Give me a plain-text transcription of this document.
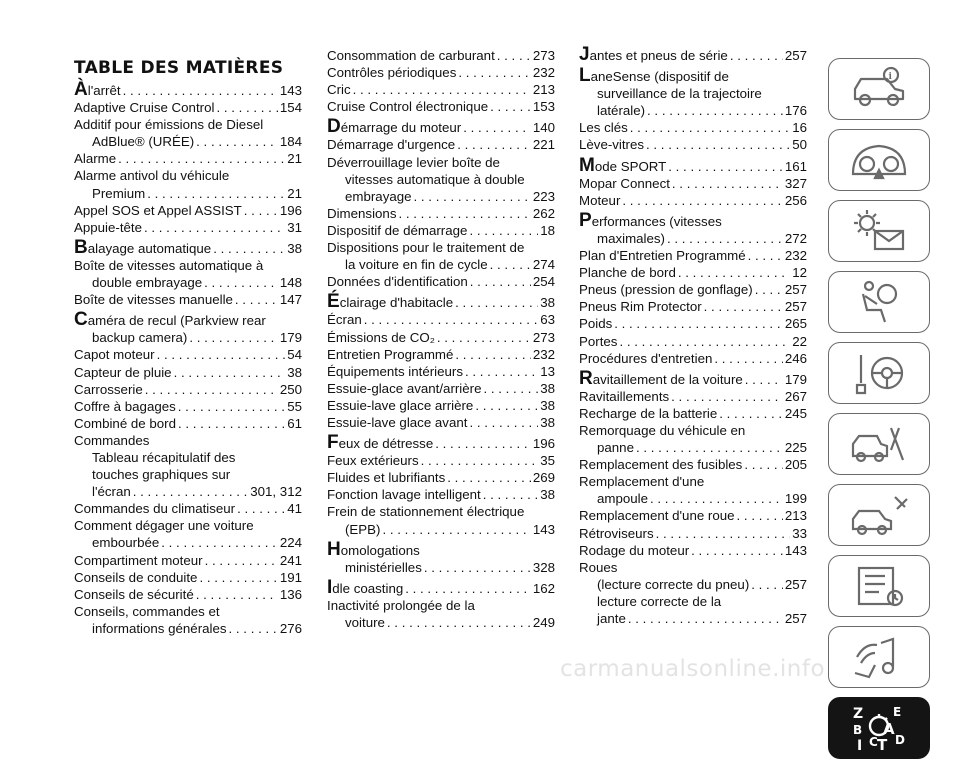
TABLE DES MATIÈRES
Àl'arrêt . . .	143
Adaptive Cruise Control . . .	154
Additif pour émissions de Diesel
AdBlue® (URÉE) . . .	184
Alarme . . .	21
Alarme antivol du véhicule
Premium . . .	21
Appel SOS et Appel ASSIST . . .	196
Appuie-tête . . .	31
Balayage automatique . . .	38
Boîte de vitesses automatique à
double embrayage . . .	148
Boîte de vitesses manuelle . . .	147
Caméra de recul (Parkview rear
backup camera) . . .	179
Capot moteur . . .	54
Capteur de pluie . . .	38
Carrosserie . . .	250
Coffre à bagages . . .	55
Combiné de bord . . .	61
Commandes
Tableau récapitulatif des
touches graphiques sur
l'écran . . .	301, 312
Commandes du climatiseur . . .	41
Comment dégager une voiture
embourbée . . .	224
Compartiment moteur . . .	241
Conseils de conduite . . .	191
Conseils de sécurité . . .	136
Conseils, commandes et
informations générales . . .	276
Consommation de carburant . . .	273
Contrôles périodiques . . .	232
Cric . . .	213
Cruise Control électronique . . .	153
Démarrage du moteur . . .	140
Démarrage d'urgence . . .	221
Déverrouillage levier boîte de
vitesses automatique à double
embrayage . . .	223
Dimensions . . .	262
Dispositif de démarrage . . .	18
Dispositions pour le traitement de
la voiture en fin de cycle . . .	274
Données d'identification . . .	254
Éclairage d'habitacle . . .	38
Écran . . .	63
Émissions de CO₂ . . .	273
Entretien Programmé . . .	232
Équipements intérieurs . . .	13
Essuie-glace avant/arrière . . .	38
Essuie-lave glace arrière . . .	38
Essuie-lave glace avant . . .	38
Feux de détresse . . .	196
Feux extérieurs . . .	35
Fluides et lubrifiants . . .	269
Fonction lavage intelligent . . .	38
Frein de stationnement électrique
(EPB) . . .	143
Homologations
ministérielles . . .	328
Idle coasting . . .	162
Inactivité prolongée de la
voiture . . .	249
Jantes et pneus de série . . .	257
LaneSense (dispositif de
surveillance de la trajectoire
latérale) . . .	176
Les clés . . .	16
Lève-vitres . . .	50
Mode SPORT . . .	161
Mopar Connect . . .	327
Moteur . . .	256
Performances (vitesses
maximales) . . .	272
Plan d'Entretien Programmé . . .	232
Planche de bord . . .	12
Pneus (pression de gonflage) . . . 257
Pneus Rim Protector . . .	257
Poids . . .	265
Portes . . .	22
Procédures d'entretien . . .	246
Ravitaillement de la voiture . . .	179
Ravitaillements . . .	267
Recharge de la batterie . . .	245
Remorquage du véhicule en
panne . . .	225
Remplacement des fusibles . . .	205
Remplacement d'une
ampoule . . .	199
Remplacement d'une roue . . .	213
Rétroviseurs . . .	33
Rodage du moteur . . .	143
Roues
(lecture correcte du pneu) . . .	257
lecture correcte de la
jante . . .	257
i
Z E
B A
C T
I	D
carmanualsonline.info
